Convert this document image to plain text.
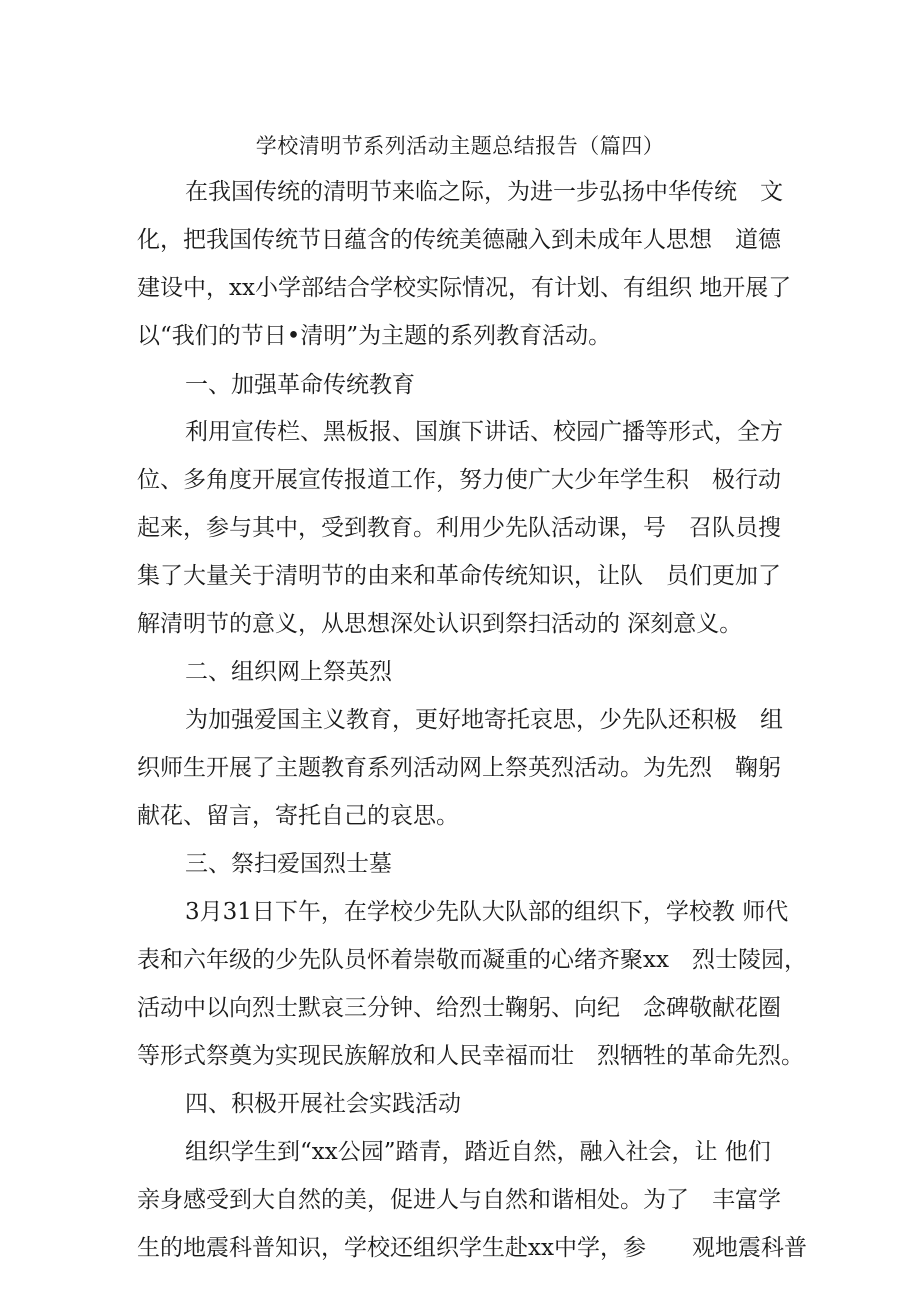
学校清明节系列活动主题总结报告（篇四）
在我国传统的清明节来临之际，为进一步弘扬中华传统　文
化，把我国传统节日蕴含的传统美德融入到未成年人思想　道德
建设中，xx小学部结合学校实际情况，有计划、有组织 地开展了
以“我们的节日•清明”为主题的系列教育活动。
一、加强革命传统教育
利用宣传栏、黑板报、国旗下讲话、校园广播等形式，全方
位、多角度开展宣传报道工作，努力使广大少年学生积　极行动
起来，参与其中，受到教育。利用少先队活动课，号　召队员搜
集了大量关于清明节的由来和革命传统知识，让队　员们更加了
解清明节的意义，从思想深处认识到祭扫活动的 深刻意义。
二、组织网上祭英烈
为加强爱国主义教育，更好地寄托哀思，少先队还积极　组
织师生开展了主题教育系列活动网上祭英烈活动。为先烈　鞠躬
献花、留言，寄托自己的哀思。
三、祭扫爱国烈士墓
3月31日下午，在学校少先队大队部的组织下，学校教 师代
表和六年级的少先队员怀着崇敬而凝重的心绪齐聚xx　烈士陵园，
活动中以向烈士默哀三分钟、给烈士鞠躬、向纪　念碑敬献花圈
等形式祭奠为实现民族解放和人民幸福而壮　烈牺牲的革命先烈。
四、积极开展社会实践活动
组织学生到“xx公园”踏青，踏近自然，融入社会，让 他们
亲身感受到大自然的美，促进人与自然和谐相处。为了　丰富学
生的地震科普知识，学校还组织学生赴xx中学，参　　观地震科普
